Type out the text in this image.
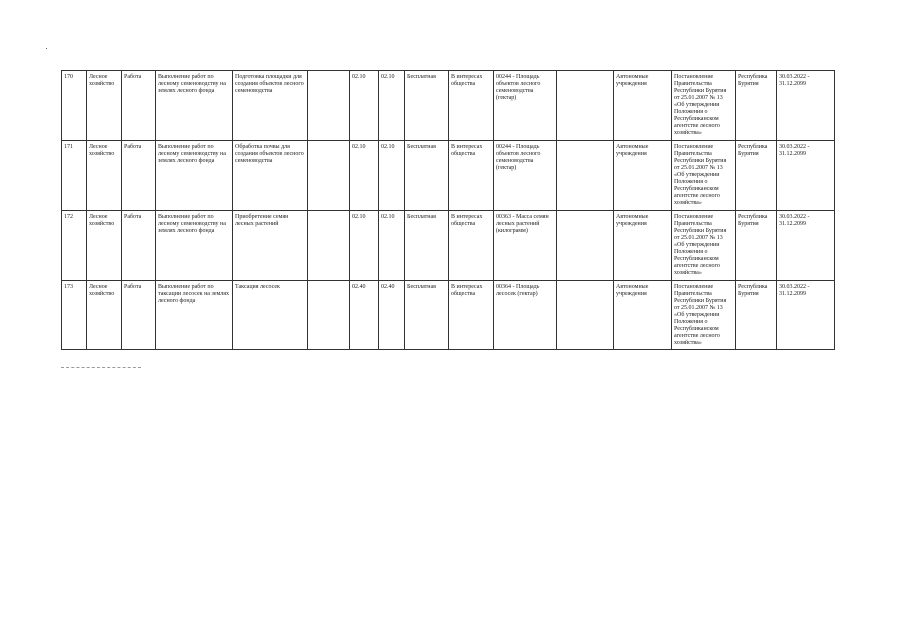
170	Лесное хозяйство	Работа	Выполнение работ по лесному семеноводству на землях лесного фонда	Подготовка площадки для создания объектов лесного семеноводства		02.10	02.10	Бесплатная	В интересах общества	00244 - Площадь объектов лесного семеноводства (гектар)		Автономные учреждения	Постановление Правительства Республики Бурятия от 25.01.2007 № 13 «Об утверждении Положения о Республиканском агентстве лесного хозяйства»	Республика Бурятия	30.03.2022 - 31.12.2099
171	Лесное хозяйство	Работа	Выполнение работ по лесному семеноводству на землях лесного фонда	Обработка почвы для создания объектов лесного семеноводства		02.10	02.10	Бесплатная	В интересах общества	00244 - Площадь объектов лесного семеноводства (гектар)		Автономные учреждения	Постановление Правительства Республики Бурятия от 25.01.2007 № 13 «Об утверждении Положения о Республиканском агентстве лесного хозяйства»	Республика Бурятия	30.03.2022 - 31.12.2099
172	Лесное хозяйство	Работа	Выполнение работ по лесному семеноводству на землях лесного фонда	Приобретение семян лесных растений		02.10	02.10	Бесплатная	В интересах общества	00363 - Масса семян лесных растений (килограмм)		Автономные учреждения	Постановление Правительства Республики Бурятия от 25.01.2007 № 13 «Об утверждении Положения о Республиканском агентстве лесного хозяйства»	Республика Бурятия	30.03.2022 - 31.12.2099
173	Лесное хозяйство	Работа	Выполнение работ по таксации лесосек на землях лесного фонда	Таксация лесосек		02.40	02.40	Бесплатная	В интересах общества	00364 - Площадь лесосек (гектар)		Автономные учреждения	Постановление Правительства Республики Бурятия от 25.01.2007 № 13 «Об утверждении Положения о Республиканском агентстве лесного хозяйства»	Республика Бурятия	30.03.2022 - 31.12.2099
